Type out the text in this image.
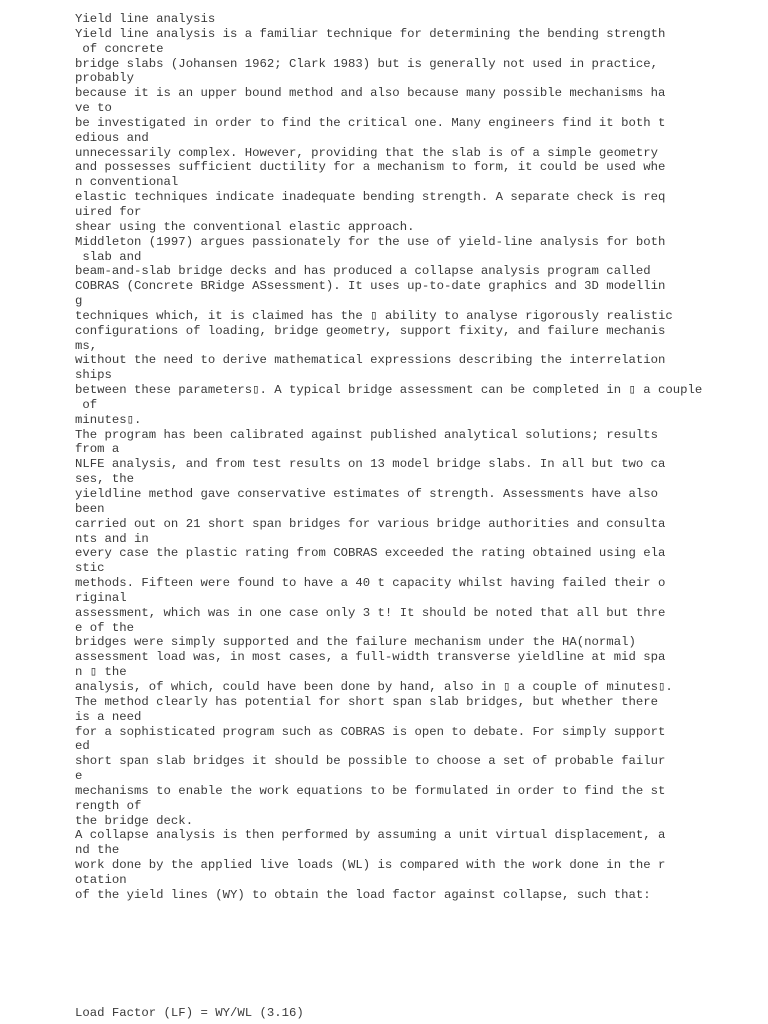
Yield line analysis
Yield line analysis is a familiar technique for determining the bending strength
of concrete
bridge slabs (Johansen 1962; Clark 1983) but is generally not used in practice,
probably
because it is an upper bound method and also because many possible mechanisms ha
ve to
be investigated in order to find the critical one. Many engineers find it both t
edious and
unnecessarily complex. However, providing that the slab is of a simple geometry
and possesses sufficient ductility for a mechanism to form, it could be used whe
n conventional
elastic techniques indicate inadequate bending strength. A separate check is req
uired for
shear using the conventional elastic approach.
Middleton (1997) argues passionately for the use of yield-line analysis for both
slab and
beam-and-slab bridge decks and has produced a collapse analysis program called
COBRAS (Concrete BRidge ASsessment). It uses up-to-date graphics and 3D modellin
g
techniques which, it is claimed has the ▯ ability to analyse rigorously realistic
configurations of loading, bridge geometry, support fixity, and failure mechanis
ms,
without the need to derive mathematical expressions describing the interrelation
ships
between these parameters▯. A typical bridge assessment can be completed in ▯ a couple
of
minutes▯.
The program has been calibrated against published analytical solutions; results
from a
NLFE analysis, and from test results on 13 model bridge slabs. In all but two ca
ses, the
yieldline method gave conservative estimates of strength. Assessments have also
been
carried out on 21 short span bridges for various bridge authorities and consulta
nts and in
every case the plastic rating from COBRAS exceeded the rating obtained using ela
stic
methods. Fifteen were found to have a 40 t capacity whilst having failed their o
riginal
assessment, which was in one case only 3 t! It should be noted that all but thre
e of the
bridges were simply supported and the failure mechanism under the HA(normal)
assessment load was, in most cases, a full-width transverse yieldline at mid spa
n ▯ the
analysis, of which, could have been done by hand, also in ▯ a couple of minutes▯.
The method clearly has potential for short span slab bridges, but whether there
is a need
for a sophisticated program such as COBRAS is open to debate. For simply support
ed
short span slab bridges it should be possible to choose a set of probable failur
e
mechanisms to enable the work equations to be formulated in order to find the st
rength of
the bridge deck.
A collapse analysis is then performed by assuming a unit virtual displacement, a
nd the
work done by the applied live loads (WL) is compared with the work done in the r
otation
of the yield lines (WY) to obtain the load factor against collapse, such that:
Load Factor (LF) = WY/WL (3.16)
